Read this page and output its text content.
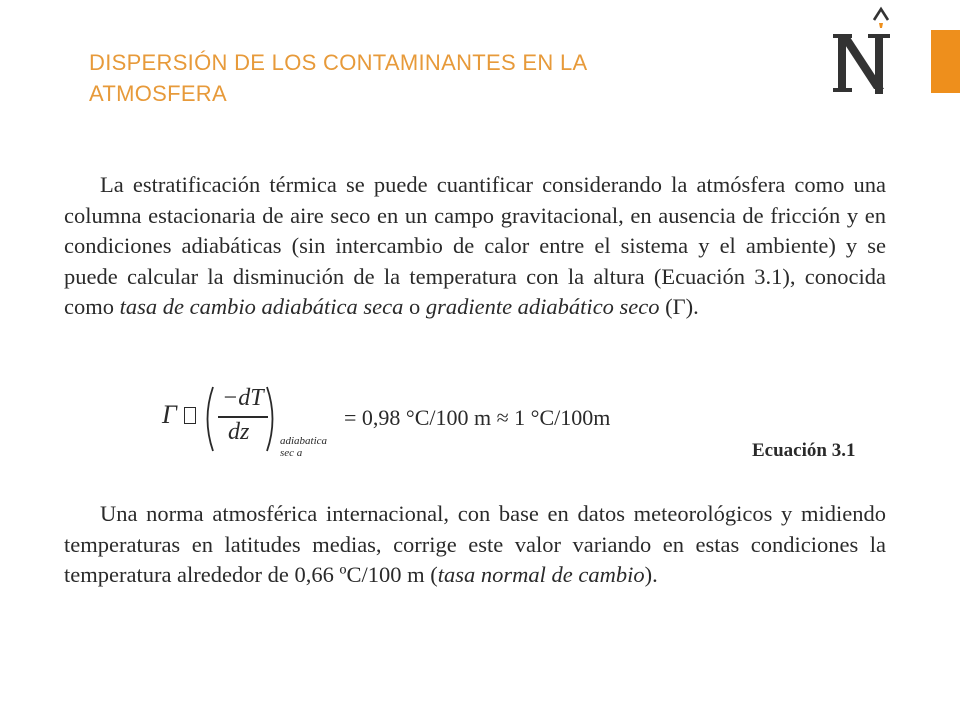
DISPERSIÓN DE LOS CONTAMINANTES EN LA ATMOSFERA

La estratificación térmica se puede cuantificar considerando la atmósfera como una columna estacionaria de aire seco en un campo gravitacional, en ausencia de fricción y en condiciones adiabáticas (sin intercambio de calor entre el sistema y el ambiente) y se puede calcular la disminución de la temperatura con la altura (Ecuación 3.1), conocida como tasa de cambio adiabática seca o gradiente adiabático seco (Γ).

Γ
−dT
dz	adiabatica
sec a
= 0,98 °C/100 m ≈ 1 °C/100m
Ecuación 3.1

Una norma atmosférica internacional, con base en datos meteorológicos y midiendo temperaturas en latitudes medias, corrige este valor variando en estas condiciones la temperatura alrededor de 0,66 ºC/100 m (tasa normal de cambio).
